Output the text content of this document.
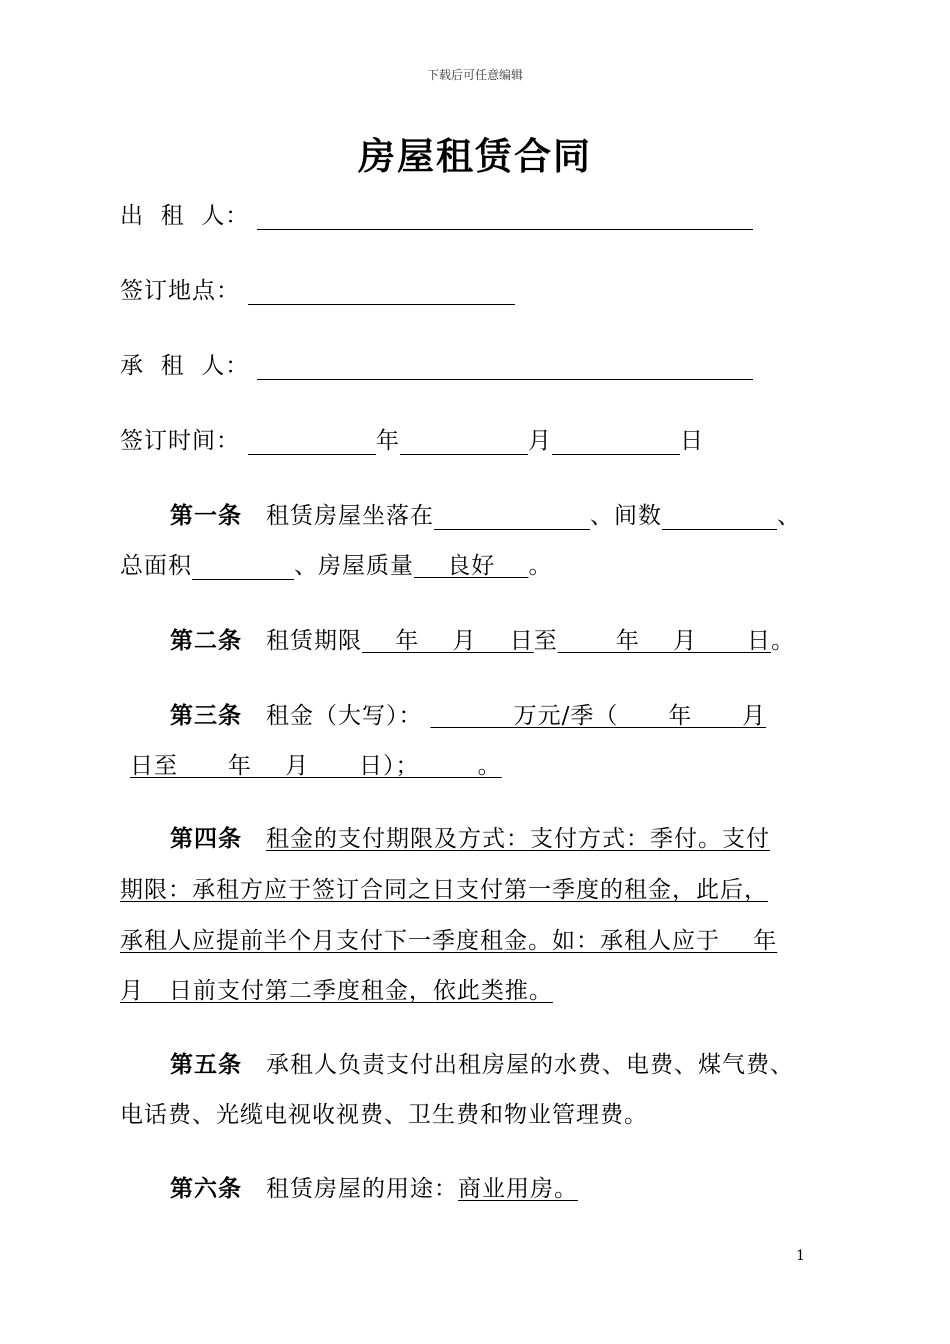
下载后可任意编辑
房屋租赁合同
出  租  人：
签订地点：
承  租  人：
签订时间：	年	月	日
第一条 租赁房屋坐落在	、间数	、
总面积	、房屋质量    良好    。
第二条 租赁期限    年    月    日至       年    月      日。
第三条 租金（大写）：          万元/季（      年      月
日至      年    月      日）；       。
第四条 租金的支付期限及方式：支付方式：季付。支付
期限：承租方应于签订合同之日支付第一季度的租金，此后，
承租人应提前半个月支付下一季度租金。如：承租人应于    年
月   日前支付第二季度租金，依此类推。
第五条 承租人负责支付出租房屋的水费、电费、煤气费、
电话费、光缆电视收视费、卫生费和物业管理费。
第六条 租赁房屋的用途：商业用房。
1
